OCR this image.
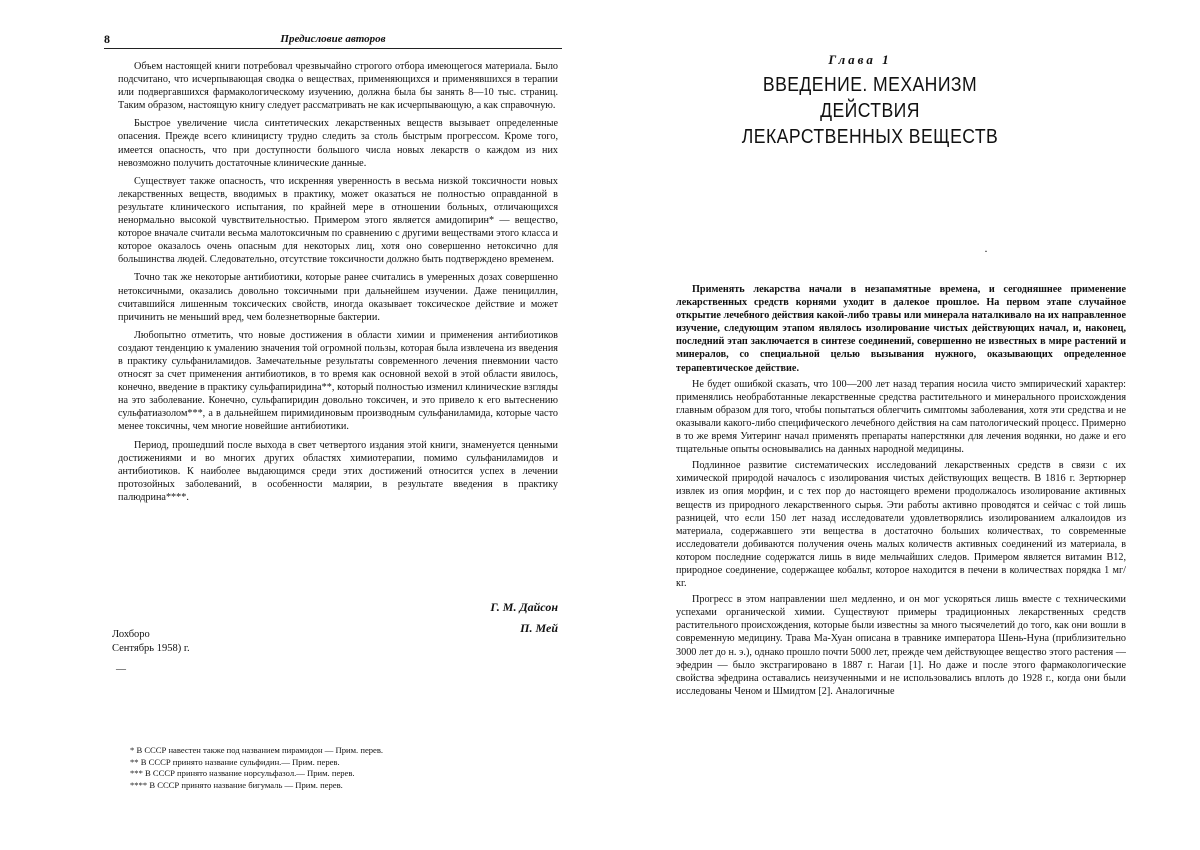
8	Предисловие авторов

Объем настоящей книги потребовал чрезвычайно строгого отбора имеющегося материала. Было подсчитано, что исчерпывающая сводка о веществах, применяющихся и применявшихся в терапии или подвергавшихся фармакологическому изучению, должна была бы занять 8—10 тыс. страниц. Таким образом, настоящую книгу следует рассматривать не как исчерпывающую, а как справочную.

Быстрое увеличение числа синтетических лекарственных веществ вызывает определенные опасения. Прежде всего клиницисту трудно следить за столь быстрым прогрессом. Кроме того, имеется опасность, что при доступности большого числа новых лекарств о каждом из них невозможно получить достаточные клинические данные.

Существует также опасность, что искренняя уверенность в весьма низкой токсичности новых лекарственных веществ, вводимых в практику, может оказаться не полностью оправданной в результате клинического испытания, по крайней мере в отношении больных, отличающихся ненормально высокой чувствительностью. Примером этого является амидопирин* — вещество, которое вначале считали весьма малотоксичным по сравнению с другими веществами этого класса и которое оказалось очень опасным для некоторых лиц, хотя оно совершенно нетоксично для большинства людей. Следовательно, отсутствие токсичности должно быть подтверждено временем.

Точно так же некоторые антибиотики, которые ранее считались в умеренных дозах совершенно нетоксичными, оказались довольно токсичными при дальнейшем изучении. Даже пенициллин, считавшийся лишенным токсических свойств, иногда оказывает токсическое действие и может причинить не меньший вред, чем болезнетворные бактерии.

Любопытно отметить, что новые достижения в области химии и применения антибиотиков создают тенденцию к умалению значения той огромной пользы, которая была извлечена из введения в практику сульфаниламидов. Замечательные результаты современного лечения пневмонии часто относят за счет применения антибиотиков, в то время как основной вехой в этой области явилось, конечно, введение в практику сульфапиридина**, который полностью изменил клинические взгляды на это заболевание. Конечно, сульфапиридин довольно токсичен, и это привело к его вытеснению сульфатиазолом***, а в дальнейшем пиримидиновым производным сульфаниламида, которые часто менее токсичны, чем многие новейшие антибиотики.

Период, прошедший после выхода в свет четвертого издания этой книги, знаменуется ценными достижениями и во многих других областях химиотерапии, помимо сульфаниламидов и антибиотиков. К наиболее выдающимся среди этих достижений относится успех в лечении протозойных заболеваний, в особенности малярии, в результате введения в практику палюдрина****.

Г. М. Дайсон
П. Мей
Лохборо
Сентябрь 1958) г.
—
* В СССР навестен также под названием пирамидон — Прим. перев.
** В СССР принято название сульфидин.— Прим. перев.
*** В СССР принято название норсульфазол.— Прим. перев.
**** В СССР принято название бигумаль — Прим. перев.
Глава 1
ВВЕДЕНИЕ. МЕХАНИЗМ ДЕЙСТВИЯ
ЛЕКАРСТВЕННЫХ ВЕЩЕСТВ
·

Применять лекарства начали в незапамятные времена, и сегодняшнее применение лекарственных средств корнями уходит в далекое прошлое. На первом этапе случайное открытие лечебного действия какой-либо травы или минерала наталкивало на их направленное изучение, следующим этапом являлось изолирование чистых действующих начал, и, наконец, последний этап заключается в синтезе соединений, совершенно не известных в мире растений и минералов, со специальной целью вызывания нужного, оказывающих определенное терапевтическое действие.

Не будет ошибкой сказать, что 100—200 лет назад терапия носила чисто эмпирический характер: применялись необработанные лекарственные средства растительного и минерального происхождения главным образом для того, чтобы попытаться облегчить симптомы заболевания, хотя эти средства и не оказывали какого-либо специфического лечебного действия на сам патологический процесс. Примерно в то же время Уитеринг начал применять препараты наперстянки для лечения водянки, но даже и его тщательные опыты основывались на данных народной медицины.

Подлинное развитие систематических исследований лекарственных средств в связи с их химической природой началось с изолирования чистых действующих веществ. В 1816 г. Зертюрнер извлек из опия морфин, и с тех пор до настоящего времени продолжалось изолирование активных веществ из природного лекарственного сырья. Эти работы активно проводятся и сейчас с той лишь разницей, что если 150 лет назад исследователи удовлетворялись изолированием алкалоидов из материала, содержавшего эти вещества в достаточно больших количествах, то современные исследователи добиваются получения очень малых количеств активных соединений из материала, в котором последние содержатся лишь в виде мельчайших следов. Примером является витамин B12, природное соединение, содержащее кобальт, которое находится в печени в количествах порядка 1 мг/кг.

Прогресс в этом направлении шел медленно, и он мог ускоряться лишь вместе с техническими успехами органической химии. Существуют примеры традиционных лекарственных средств растительного происхождения, которые были известны за много тысячелетий до того, как они вошли в современную медицину. Трава Ма-Хуан описана в травнике императора Шень-Нуна (приблизительно 3000 лет до н. э.), однако прошло почти 5000 лет, прежде чем действующее вещество этого растения — эфедрин — было экстрагировано в 1887 г. Нагаи [1]. Но даже и после этого фармакологические свойства эфедрина оставались неизученными и не использовались вплоть до 1928 г., когда они были исследованы Ченом и Шмидтом [2]. Аналогичные
